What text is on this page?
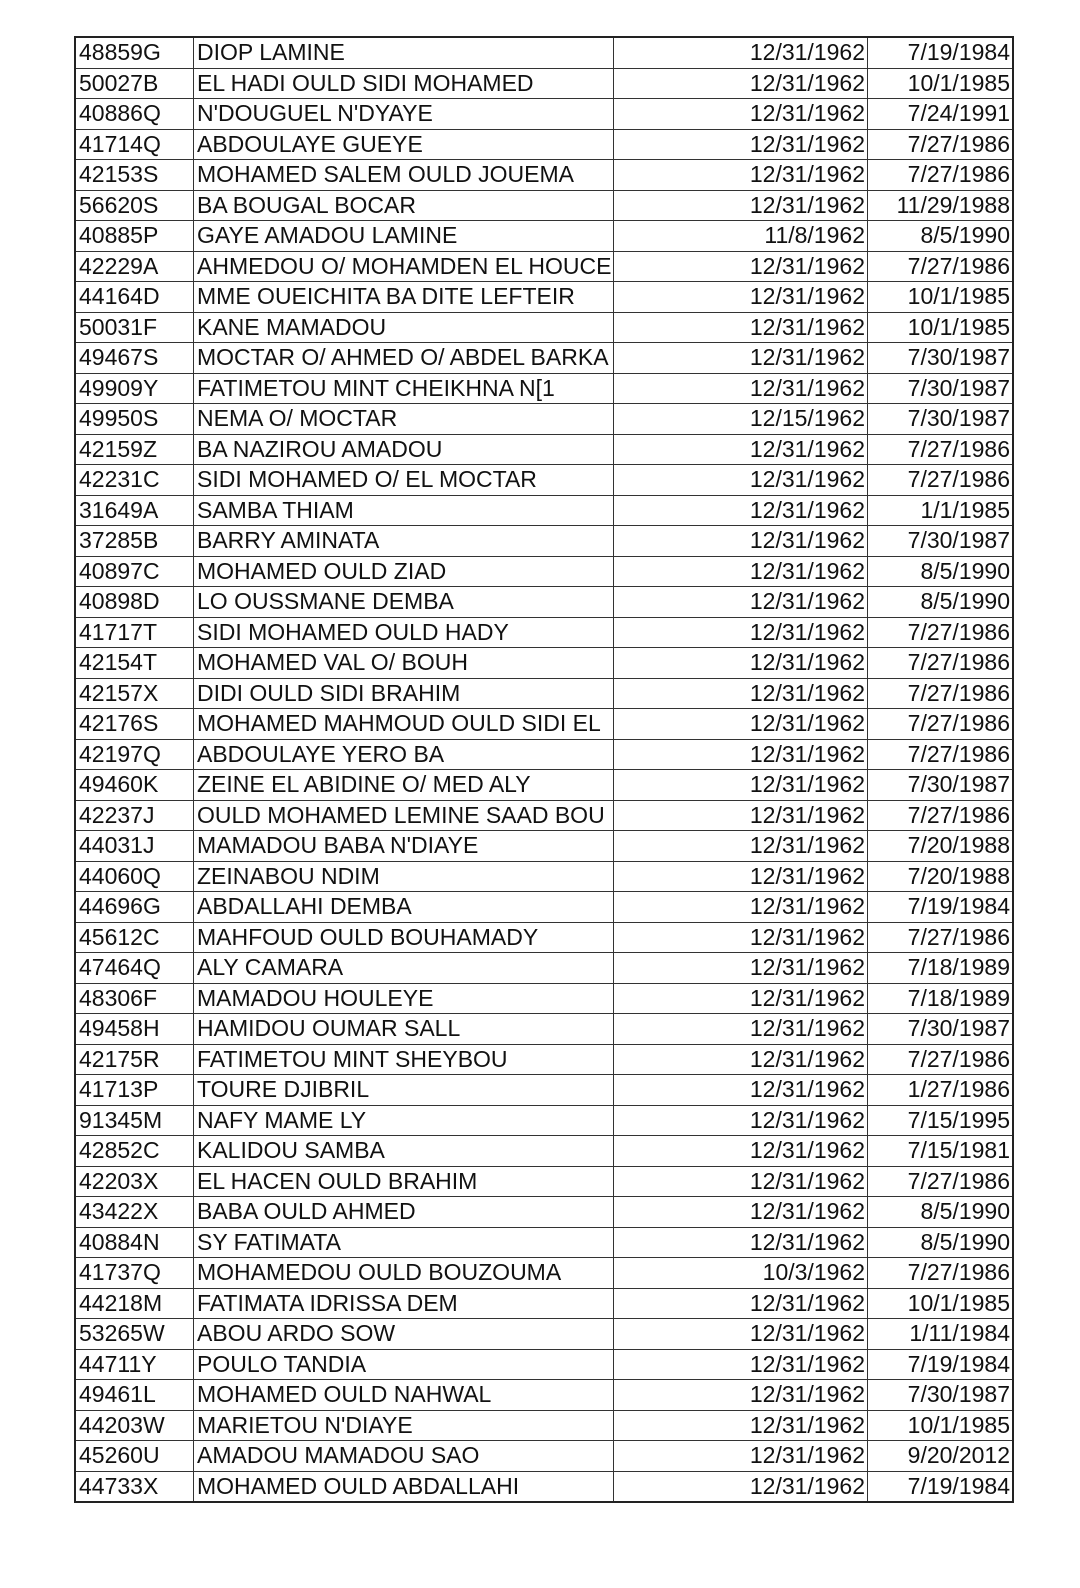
48859G	DIOP LAMINE	12/31/1962	7/19/1984
50027B	EL HADI OULD SIDI MOHAMED	12/31/1962	10/1/1985
40886Q	N'DOUGUEL N'DYAYE	12/31/1962	7/24/1991
41714Q	ABDOULAYE GUEYE	12/31/1962	7/27/1986
42153S	MOHAMED SALEM OULD JOUEMA	12/31/1962	7/27/1986
56620S	BA BOUGAL BOCAR	12/31/1962	11/29/1988
40885P	GAYE AMADOU LAMINE	11/8/1962	8/5/1990
42229A	AHMEDOU O/ MOHAMDEN EL HOUCE	12/31/1962	7/27/1986
44164D	MME OUEICHITA BA DITE LEFTEIR	12/31/1962	10/1/1985
50031F	KANE MAMADOU	12/31/1962	10/1/1985
49467S	MOCTAR O/ AHMED O/ ABDEL BARKA	12/31/1962	7/30/1987
49909Y	FATIMETOU MINT CHEIKHNA N[1	12/31/1962	7/30/1987
49950S	NEMA O/ MOCTAR	12/15/1962	7/30/1987
42159Z	BA NAZIROU AMADOU	12/31/1962	7/27/1986
42231C	SIDI MOHAMED O/ EL MOCTAR	12/31/1962	7/27/1986
31649A	SAMBA THIAM	12/31/1962	1/1/1985
37285B	BARRY AMINATA	12/31/1962	7/30/1987
40897C	MOHAMED OULD ZIAD	12/31/1962	8/5/1990
40898D	LO OUSSMANE DEMBA	12/31/1962	8/5/1990
41717T	SIDI MOHAMED OULD HADY	12/31/1962	7/27/1986
42154T	MOHAMED VAL O/ BOUH	12/31/1962	7/27/1986
42157X	DIDI OULD SIDI BRAHIM	12/31/1962	7/27/1986
42176S	MOHAMED MAHMOUD OULD SIDI EL	12/31/1962	7/27/1986
42197Q	ABDOULAYE YERO BA	12/31/1962	7/27/1986
49460K	ZEINE EL ABIDINE O/ MED ALY	12/31/1962	7/30/1987
42237J	OULD MOHAMED LEMINE SAAD BOU	12/31/1962	7/27/1986
44031J	MAMADOU BABA N'DIAYE	12/31/1962	7/20/1988
44060Q	ZEINABOU NDIM	12/31/1962	7/20/1988
44696G	ABDALLAHI DEMBA	12/31/1962	7/19/1984
45612C	MAHFOUD OULD BOUHAMADY	12/31/1962	7/27/1986
47464Q	ALY CAMARA	12/31/1962	7/18/1989
48306F	MAMADOU HOULEYE	12/31/1962	7/18/1989
49458H	HAMIDOU OUMAR SALL	12/31/1962	7/30/1987
42175R	FATIMETOU MINT SHEYBOU	12/31/1962	7/27/1986
41713P	TOURE DJIBRIL	12/31/1962	1/27/1986
91345M	NAFY MAME LY	12/31/1962	7/15/1995
42852C	KALIDOU SAMBA	12/31/1962	7/15/1981
42203X	EL HACEN OULD BRAHIM	12/31/1962	7/27/1986
43422X	BABA OULD AHMED	12/31/1962	8/5/1990
40884N	SY FATIMATA	12/31/1962	8/5/1990
41737Q	MOHAMEDOU OULD BOUZOUMA	10/3/1962	7/27/1986
44218M	FATIMATA IDRISSA DEM	12/31/1962	10/1/1985
53265W	ABOU ARDO SOW	12/31/1962	1/11/1984
44711Y	POULO TANDIA	12/31/1962	7/19/1984
49461L	MOHAMED OULD NAHWAL	12/31/1962	7/30/1987
44203W	MARIETOU N'DIAYE	12/31/1962	10/1/1985
45260U	AMADOU MAMADOU SAO	12/31/1962	9/20/2012
44733X	MOHAMED OULD ABDALLAHI	12/31/1962	7/19/1984
